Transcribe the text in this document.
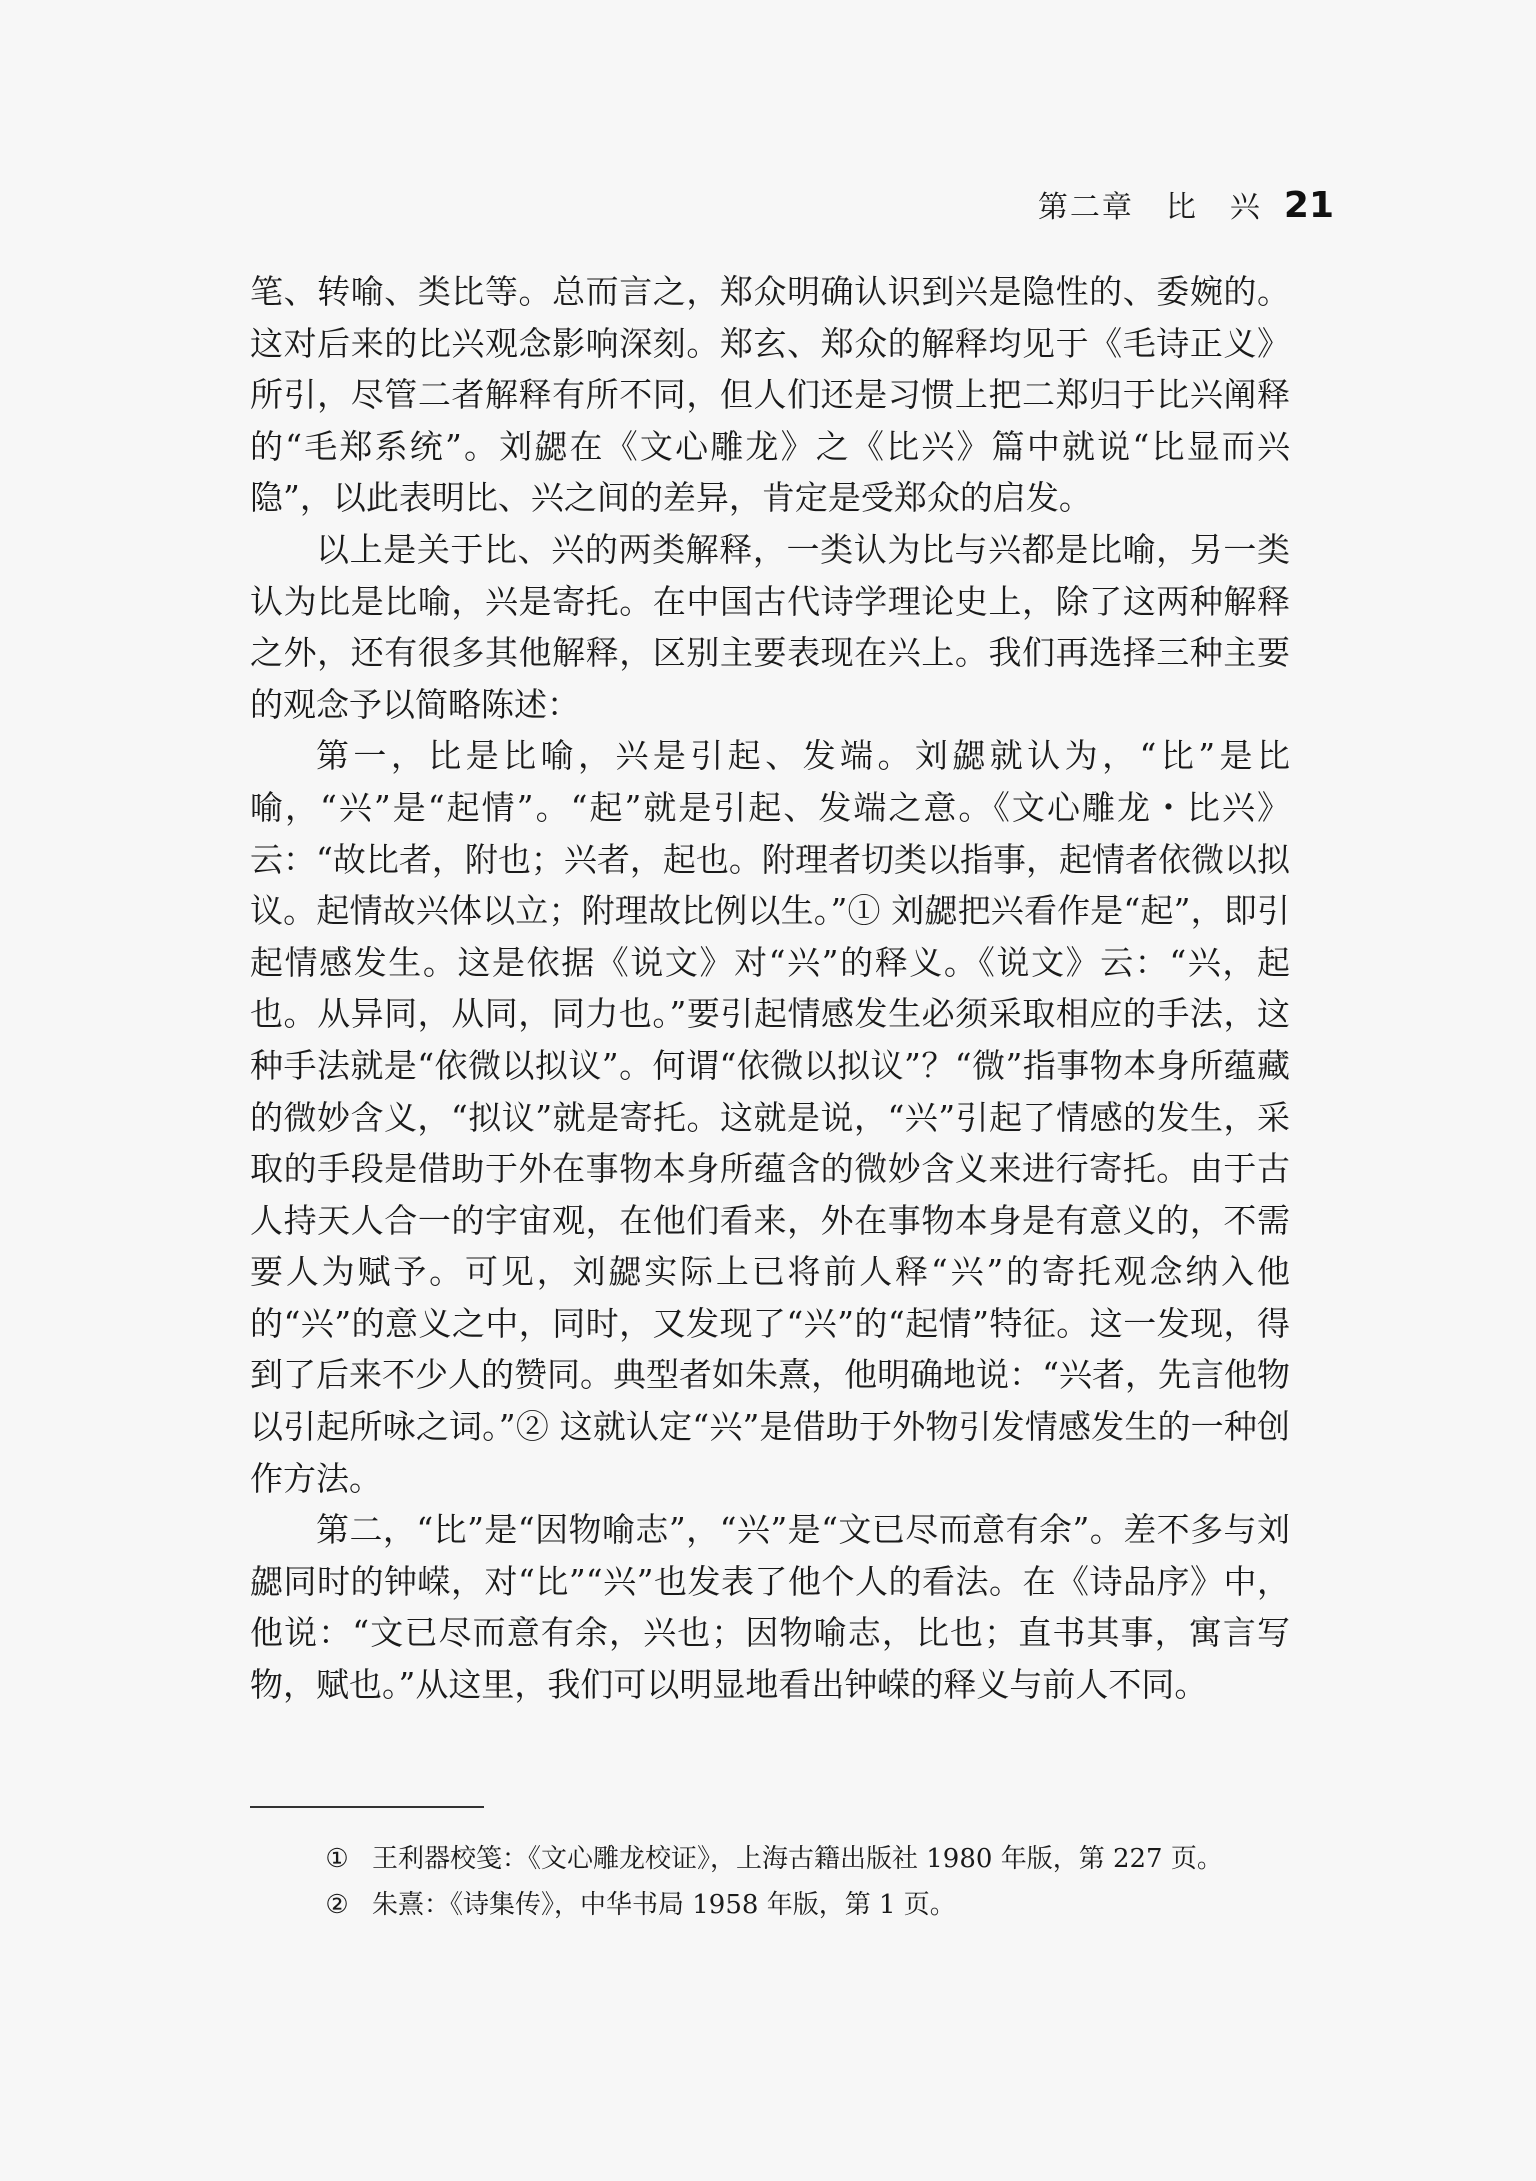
第二章　比　兴 21

笔、转喻、类比等。总而言之，郑众明确认识到兴是隐性的、委婉的。这对后来的比兴观念影响深刻。郑玄、郑众的解释均见于《毛诗正义》所引，尽管二者解释有所不同，但人们还是习惯上把二郑归于比兴阐释的“毛郑系统”。刘勰在《文心雕龙》之《比兴》篇中就说“比显而兴隐”，以此表明比、兴之间的差异，肯定是受郑众的启发。

以上是关于比、兴的两类解释，一类认为比与兴都是比喻，另一类认为比是比喻，兴是寄托。在中国古代诗学理论史上，除了这两种解释之外，还有很多其他解释，区别主要表现在兴上。我们再选择三种主要的观念予以简略陈述：

第一，比是比喻，兴是引起、发端。刘勰就认为，“比”是比喻，“兴”是“起情”。“起”就是引起、发端之意。《文心雕龙・比兴》云：“故比者，附也；兴者，起也。附理者切类以指事，起情者依微以拟议。起情故兴体以立；附理故比例以生。”① 刘勰把兴看作是“起”，即引起情感发生。这是依据《说文》对“兴”的释义。《说文》云：“兴，起也。从异同，从同，同力也。”要引起情感发生必须采取相应的手法，这种手法就是“依微以拟议”。何谓“依微以拟议”？“微”指事物本身所蕴藏的微妙含义，“拟议”就是寄托。这就是说，“兴”引起了情感的发生，采取的手段是借助于外在事物本身所蕴含的微妙含义来进行寄托。由于古人持天人合一的宇宙观，在他们看来，外在事物本身是有意义的，不需要人为赋予。可见，刘勰实际上已将前人释“兴”的寄托观念纳入他的“兴”的意义之中，同时，又发现了“兴”的“起情”特征。这一发现，得到了后来不少人的赞同。典型者如朱熹，他明确地说：“兴者，先言他物以引起所咏之词。”② 这就认定“兴”是借助于外物引发情感发生的一种创作方法。

第二，“比”是“因物喻志”，“兴”是“文已尽而意有余”。差不多与刘勰同时的钟嵘，对“比”“兴”也发表了他个人的看法。在《诗品序》中，他说：“文已尽而意有余，兴也；因物喻志，比也；直书其事，寓言写物，赋也。”从这里，我们可以明显地看出钟嵘的释义与前人不同。

① 王利器校笺：《文心雕龙校证》，上海古籍出版社 1980 年版，第 227 页。
② 朱熹：《诗集传》，中华书局 1958 年版，第 1 页。
